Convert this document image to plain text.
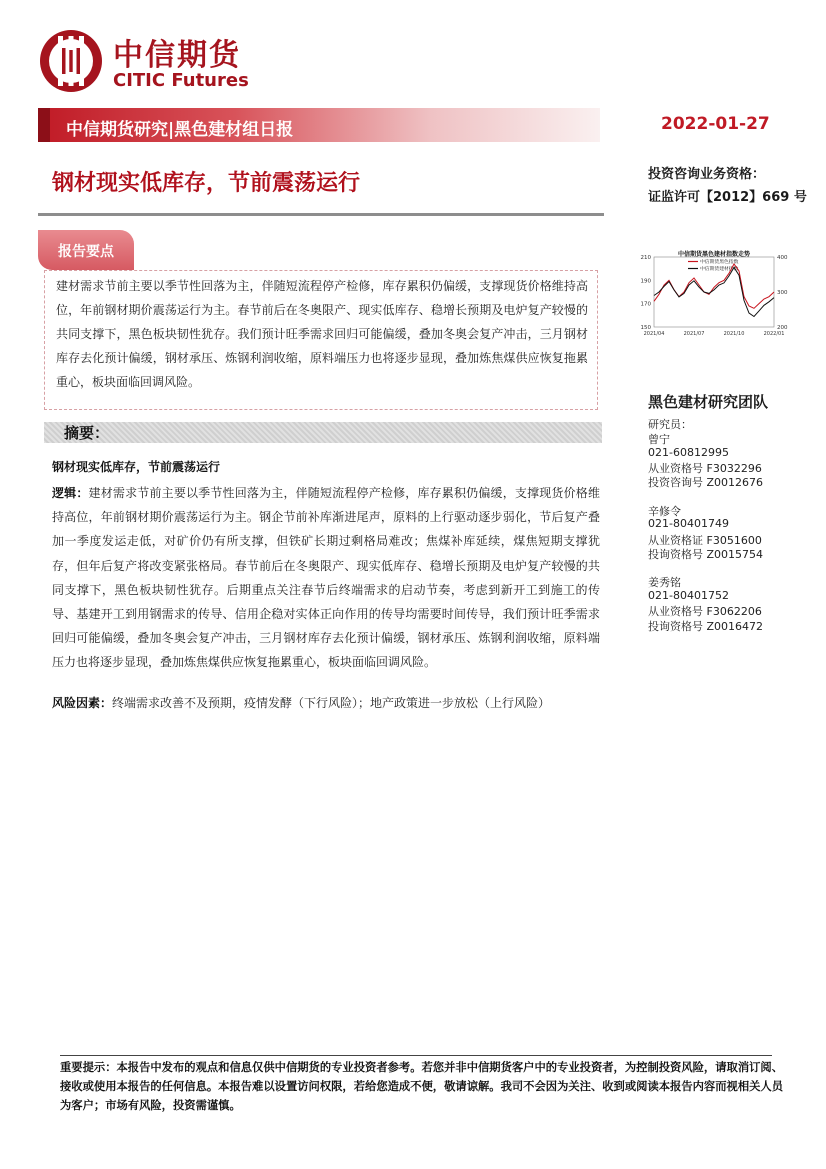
中信期货
CITIC Futures
中信期货研究|黑色建材组日报	2022-01-27
钢材现实低库存，节前震荡运行	投资咨询业务资格：
证监许可【2012】669 号
报告要点
建材需求节前主要以季节性回落为主，伴随短流程停产检修，库存累积仍偏缓，支撑现货价格维持高位，年前钢材期价震荡运行为主。春节前后在冬奥限产、现实低库存、稳增长预期及电炉复产较慢的共同支撑下，黑色板块韧性犹存。我们预计旺季需求回归可能偏缓，叠加冬奥会复产冲击，三月钢材库存去化预计偏缓，钢材承压、炼钢利润收缩，原料端压力也将逐步显现，叠加炼焦煤供应恢复拖累重心，板块面临回调风险。
摘要：
钢材现实低库存，节前震荡运行
逻辑：建材需求节前主要以季节性回落为主，伴随短流程停产检修，库存累积仍偏缓，支撑现货价格维持高位，年前钢材期价震荡运行为主。钢企节前补库渐进尾声，原料的上行驱动逐步弱化，节后复产叠加一季度发运走低，对矿价仍有所支撑，但铁矿长期过剩格局难改；焦煤补库延续，煤焦短期支撑犹存，但年后复产将改变紧张格局。春节前后在冬奥限产、现实低库存、稳增长预期及电炉复产较慢的共同支撑下，黑色板块韧性犹存。后期重点关注春节后终端需求的启动节奏，考虑到新开工到施工的传导、基建开工到用钢需求的传导、信用企稳对实体正向作用的传导均需要时间传导，我们预计旺季需求回归可能偏缓，叠加冬奥会复产冲击，三月钢材库存去化预计偏缓，钢材承压、炼钢利润收缩，原料端压力也将逐步显现，叠加炼焦煤供应恢复拖累重心，板块面临回调风险。
风险因素：终端需求改善不及预期，疫情发酵（下行风险）；地产政策进一步放松（上行风险）
中信期货黑色建材指数走势
中信期货黑色指数
中信期货建材指数
210
190
170
150
400
300
200
2021/04	2021/07	2021/10	2022/01
黑色建材研究团队
研究员：
曾宁
021-60812995
从业资格号 F3032296
投资咨询号 Z0012676
辛修令
021-80401749
从业资格证 F3051600
投询资格号 Z0015754
姜秀铭
021-80401752
从业资格号 F3062206
投询资格号 Z0016472
重要提示：本报告中发布的观点和信息仅供中信期货的专业投资者参考。若您并非中信期货客户中的专业投资者，为控制投资风险，请取消订阅、接收或使用本报告的任何信息。本报告难以设置访问权限，若给您造成不便，敬请谅解。我司不会因为关注、收到或阅读本报告内容而视相关人员为客户；市场有风险，投资需谨慎。
